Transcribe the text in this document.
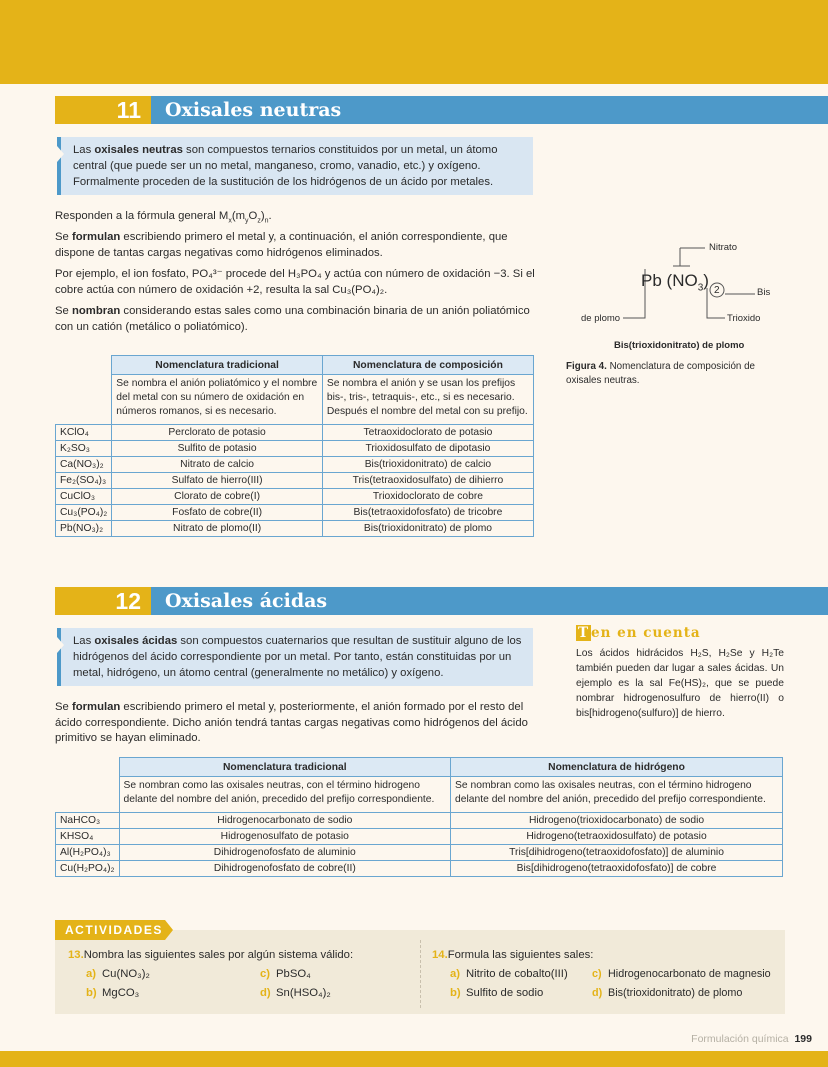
11	Oxisales neutras
Las oxisales neutras son compuestos ternarios constituidos por un metal, un átomo central (que puede ser un no metal, manganeso, cromo, vanadio, etc.) y oxígeno. Formalmente proceden de la sustitución de los hidrógenos de un ácido por metales.
Responden a la fórmula general $M_x(m_yO_z)_n$.
Se formulan escribiendo primero el metal y, a continuación, el anión correspondiente, que dispone de tantas cargas negativas como hidrógenos eliminados.
Por ejemplo, el ion fosfato, PO₄³⁻ procede del H₃PO₄ y actúa con número de oxidación −3. Si el cobre actúa con número de oxidación +2, resulta la sal Cu₃(PO₄)₂.
Se nombran considerando estas sales como una combinación binaria de un anión poliatómico con un catión (metálico o poliatómico).
	Nomenclatura tradicional	Nomenclatura de composición
	Se nombra el anión poliatómico y el nombre del metal con su número de oxidación en números romanos, si es necesario.	Se nombra el anión y se usan los prefijos bis-, tris-, tetraquis-, etc., si es necesario. Después el nombre del metal con su prefijo.
KClO₄	Perclorato de potasio	Tetraoxidoclorato de potasio
K₂SO₃	Sulfito de potasio	Trioxidosulfato de dipotasio
Ca(NO₃)₂	Nitrato de calcio	Bis(trioxidonitrato) de calcio
Fe₂(SO₄)₃	Sulfato de hierro(III)	Tris(tetraoxidosulfato) de dihierro
CuClO₃	Clorato de cobre(I)	Trioxidoclorato de cobre
Cu₃(PO₄)₂	Fosfato de cobre(II)	Bis(tetraoxidofosfato) de tricobre
Pb(NO₃)₂	Nitrato de plomo(II)	Bis(trioxidonitrato) de plomo
Nitrato
Pb $(NO_3)$
2	Bis
de plomo	Trioxido
Bis(trioxidonitrato) de plomo
Figura 4. Nomenclatura de composición de oxisales neutras.
12	Oxisales ácidas
Las oxisales ácidas son compuestos cuaternarios que resultan de sustituir alguno de los hidrógenos del ácido correspondiente por un metal. Por tanto, están constituidas por un metal, hidrógeno, un átomo central (generalmente no metálico) y oxígeno.
Se formulan escribiendo primero el metal y, posteriormente, el anión formado por el resto del ácido correspondiente. Dicho anión tendrá tantas cargas negativas como hidrógenos del ácido primitivo se hayan eliminado.
T en en cuenta
Los ácidos hidrácidos H₂S, H₂Se y H₂Te también pueden dar lugar a sales ácidas. Un ejemplo es la sal Fe(HS)₂, que se puede nombrar hidrogenosulfuro de hierro(II) o bis[hidrogeno(sulfuro)] de hierro.
	Nomenclatura tradicional	Nomenclatura de hidrógeno
	Se nombran como las oxisales neutras, con el término hidrogeno delante del nombre del anión, precedido del prefijo correspondiente.	Se nombran como las oxisales neutras, con el término hidrogeno delante del nombre del anión, precedido del prefijo correspondiente.
NaHCO₃	Hidrogenocarbonato de sodio	Hidrogeno(trioxidocarbonato) de sodio
KHSO₄	Hidrogenosulfato de potasio	Hidrogeno(tetraoxidosulfato) de potasio
Al(H₂PO₄)₃	Dihidrogenofosfato de aluminio	Tris[dihidrogeno(tetraoxidofosfato)] de aluminio
Cu(H₂PO₄)₂	Dihidrogenofosfato de cobre(II)	Bis[dihidrogeno(tetraoxidofosfato)] de cobre
ACTIVIDADES
13.Nombra las siguientes sales por algún sistema válido:
a) Cu(NO₃)₂
b) MgCO₃
c) PbSO₄
d) Sn(HSO₄)₂
14.Formula las siguientes sales:
a) Nitrito de cobalto(III)
b) Sulfito de sodio
c) Hidrogenocarbonato de magnesio
d) Bis(trioxidonitrato) de plomo
Formulación química 199
